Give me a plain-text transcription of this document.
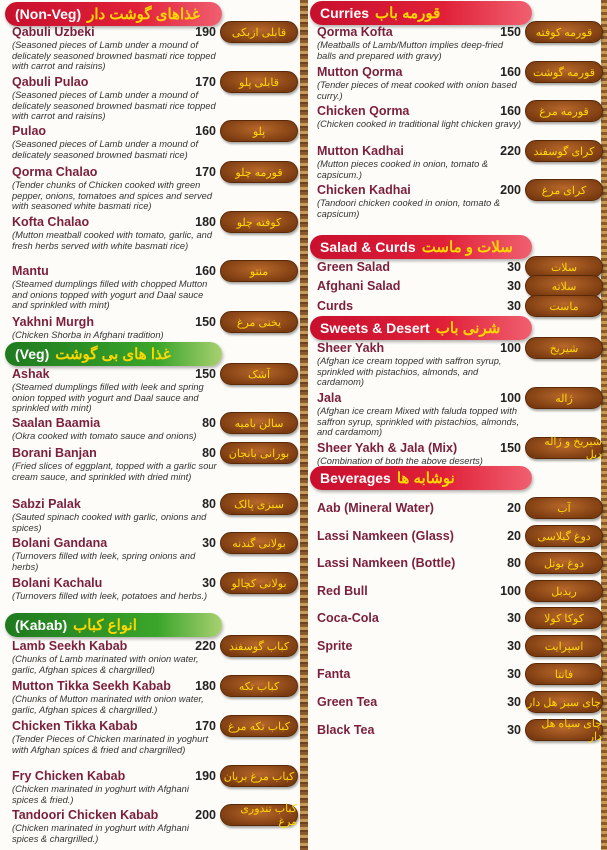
(Non-Veg) غذاهای گوشت دار
Qabuli Uzbeki
(Seasoned pieces of Lamb under a mound of delicately seasoned browned basmati rice topped with carrot and raisins)
190	قابلی ازبکی
Qabuli Pulao
(Seasoned pieces of Lamb under a mound of delicately seasoned browned basmati rice topped with carrot and raisins)
170	قابلی پلو
Pulao
(Seasoned pieces of Lamb under a mound of delicately seasoned browned basmati rice)
160	پلو
Qorma Chalao
(Tender chunks of Chicken cooked with green pepper, onions, tomatoes and spices and served with seasoned white basmati rice)
170	قورمه چلو
Kofta Chalao
(Mutton meatball cooked with tomato, garlic, and fresh herbs served with white basmati rice)
180	کوفته چلو
Mantu
(Steamed dumplings filled with chopped Mutton and onions topped with yogurt and Daal sauce and sprinkled with mint)
160	منتو
Yakhni Murgh
(Chicken Shorba in Afghani tradition)
150	یخنی مرغ
(Veg) غذا های بی گوشت
Ashak
(Steamed dumplings filled with leek and spring onion topped with yogurt and Daal sauce and sprinkled with mint)
150	آشک
Saalan Baamia
(Okra cooked with tomato sauce and onions)
80	سالن بامیه
Borani Banjan
(Fried slices of eggplant, topped with a garlic sour cream sauce, and sprinkled with dried mint)
80	بورانی بانجان
Sabzi Palak
(Sauted spinach cooked with garlic, onions and spices)
80	سبزی پالک
Bolani Gandana
(Turnovers filled with leek, spring onions and herbs)
30	بولانی گندنه
Bolani Kachalu
(Turnovers filled with leek, potatoes and herbs.)
30	بولانی کچالو
(Kabab) انواع کباب
Lamb Seekh Kabab
(Chunks of Lamb marinated with onion water, garlic, Afghan spices & chargrilled)
220	کباب گوسفند
Mutton Tikka Seekh Kabab
(Chunks of Mutton marinated with onion water, garlic, Afghan spices & chargrilled.)
180	کباب تکه
Chicken Tikka Kabab
(Tender Pieces of Chicken marinated in yoghurt with Afghan spices & fried and chargrilled)
170	کباب تکه مرغ
Fry Chicken Kabab
(Chicken marinated in yoghurt with Afghani spices & fried.)
190 کباب مرغ بریان
Tandoori Chicken Kabab
(Chicken marinated in yoghurt with Afghani spices & chargrilled.)
200	کباب تندوری مرغ
Curries قورمه باب
Qorma Kofta
(Meatballs of Lamb/Mutton implies deep-fried balls and prepared with gravy)
150	قورمه کوفته
Mutton Qorma
(Tender pieces of meat cooked with onion based curry.)
160	قورمه گوشت
Chicken Qorma
(Chicken cooked in traditional light chicken gravy)
160	قورمه مرغ
Mutton Kadhai
(Mutton pieces cooked in onion, tomato & capsicum.)
220	کرای گوسفند
Chicken Kadhai
(Tandoori chicken cooked in onion, tomato & capsicum)
200	کرای مرغ
Salad & Curds سلات و ماست
Green Salad	30	سلات
Afghani Salad	30	سلاته
Curds	30	ماست
Sweets & Desert شرنی باب
Sheer Yakh
(Afghan ice cream topped with saffron syrup, sprinkled with pistachios, almonds, and cardamom)
100	شیریخ
Jala
(Afghan ice cream Mixed with faluda topped with saffron syrup, sprinkled with pistachios, almonds, and cardamom)
100	ژاله
Sheer Yakh & Jala (Mix)
(Combination of both the above deserts)
150	شیریخ و ژاله دبل
Beverages نوشابه ها
Aab (Mineral Water)	20	آب
Lassi Namkeen (Glass)	20	دوغ گیلاسی
Lassi Namkeen (Bottle)	80	دوغ بوتل
Red Bull	100	ریدبل
Coca-Cola	30	کوکا کولا
Sprite	30	اسپرایت
Fanta	30	فانتا
Green Tea	30 چای سبز هل دار
Black Tea	30	چای سیاه هل دار
